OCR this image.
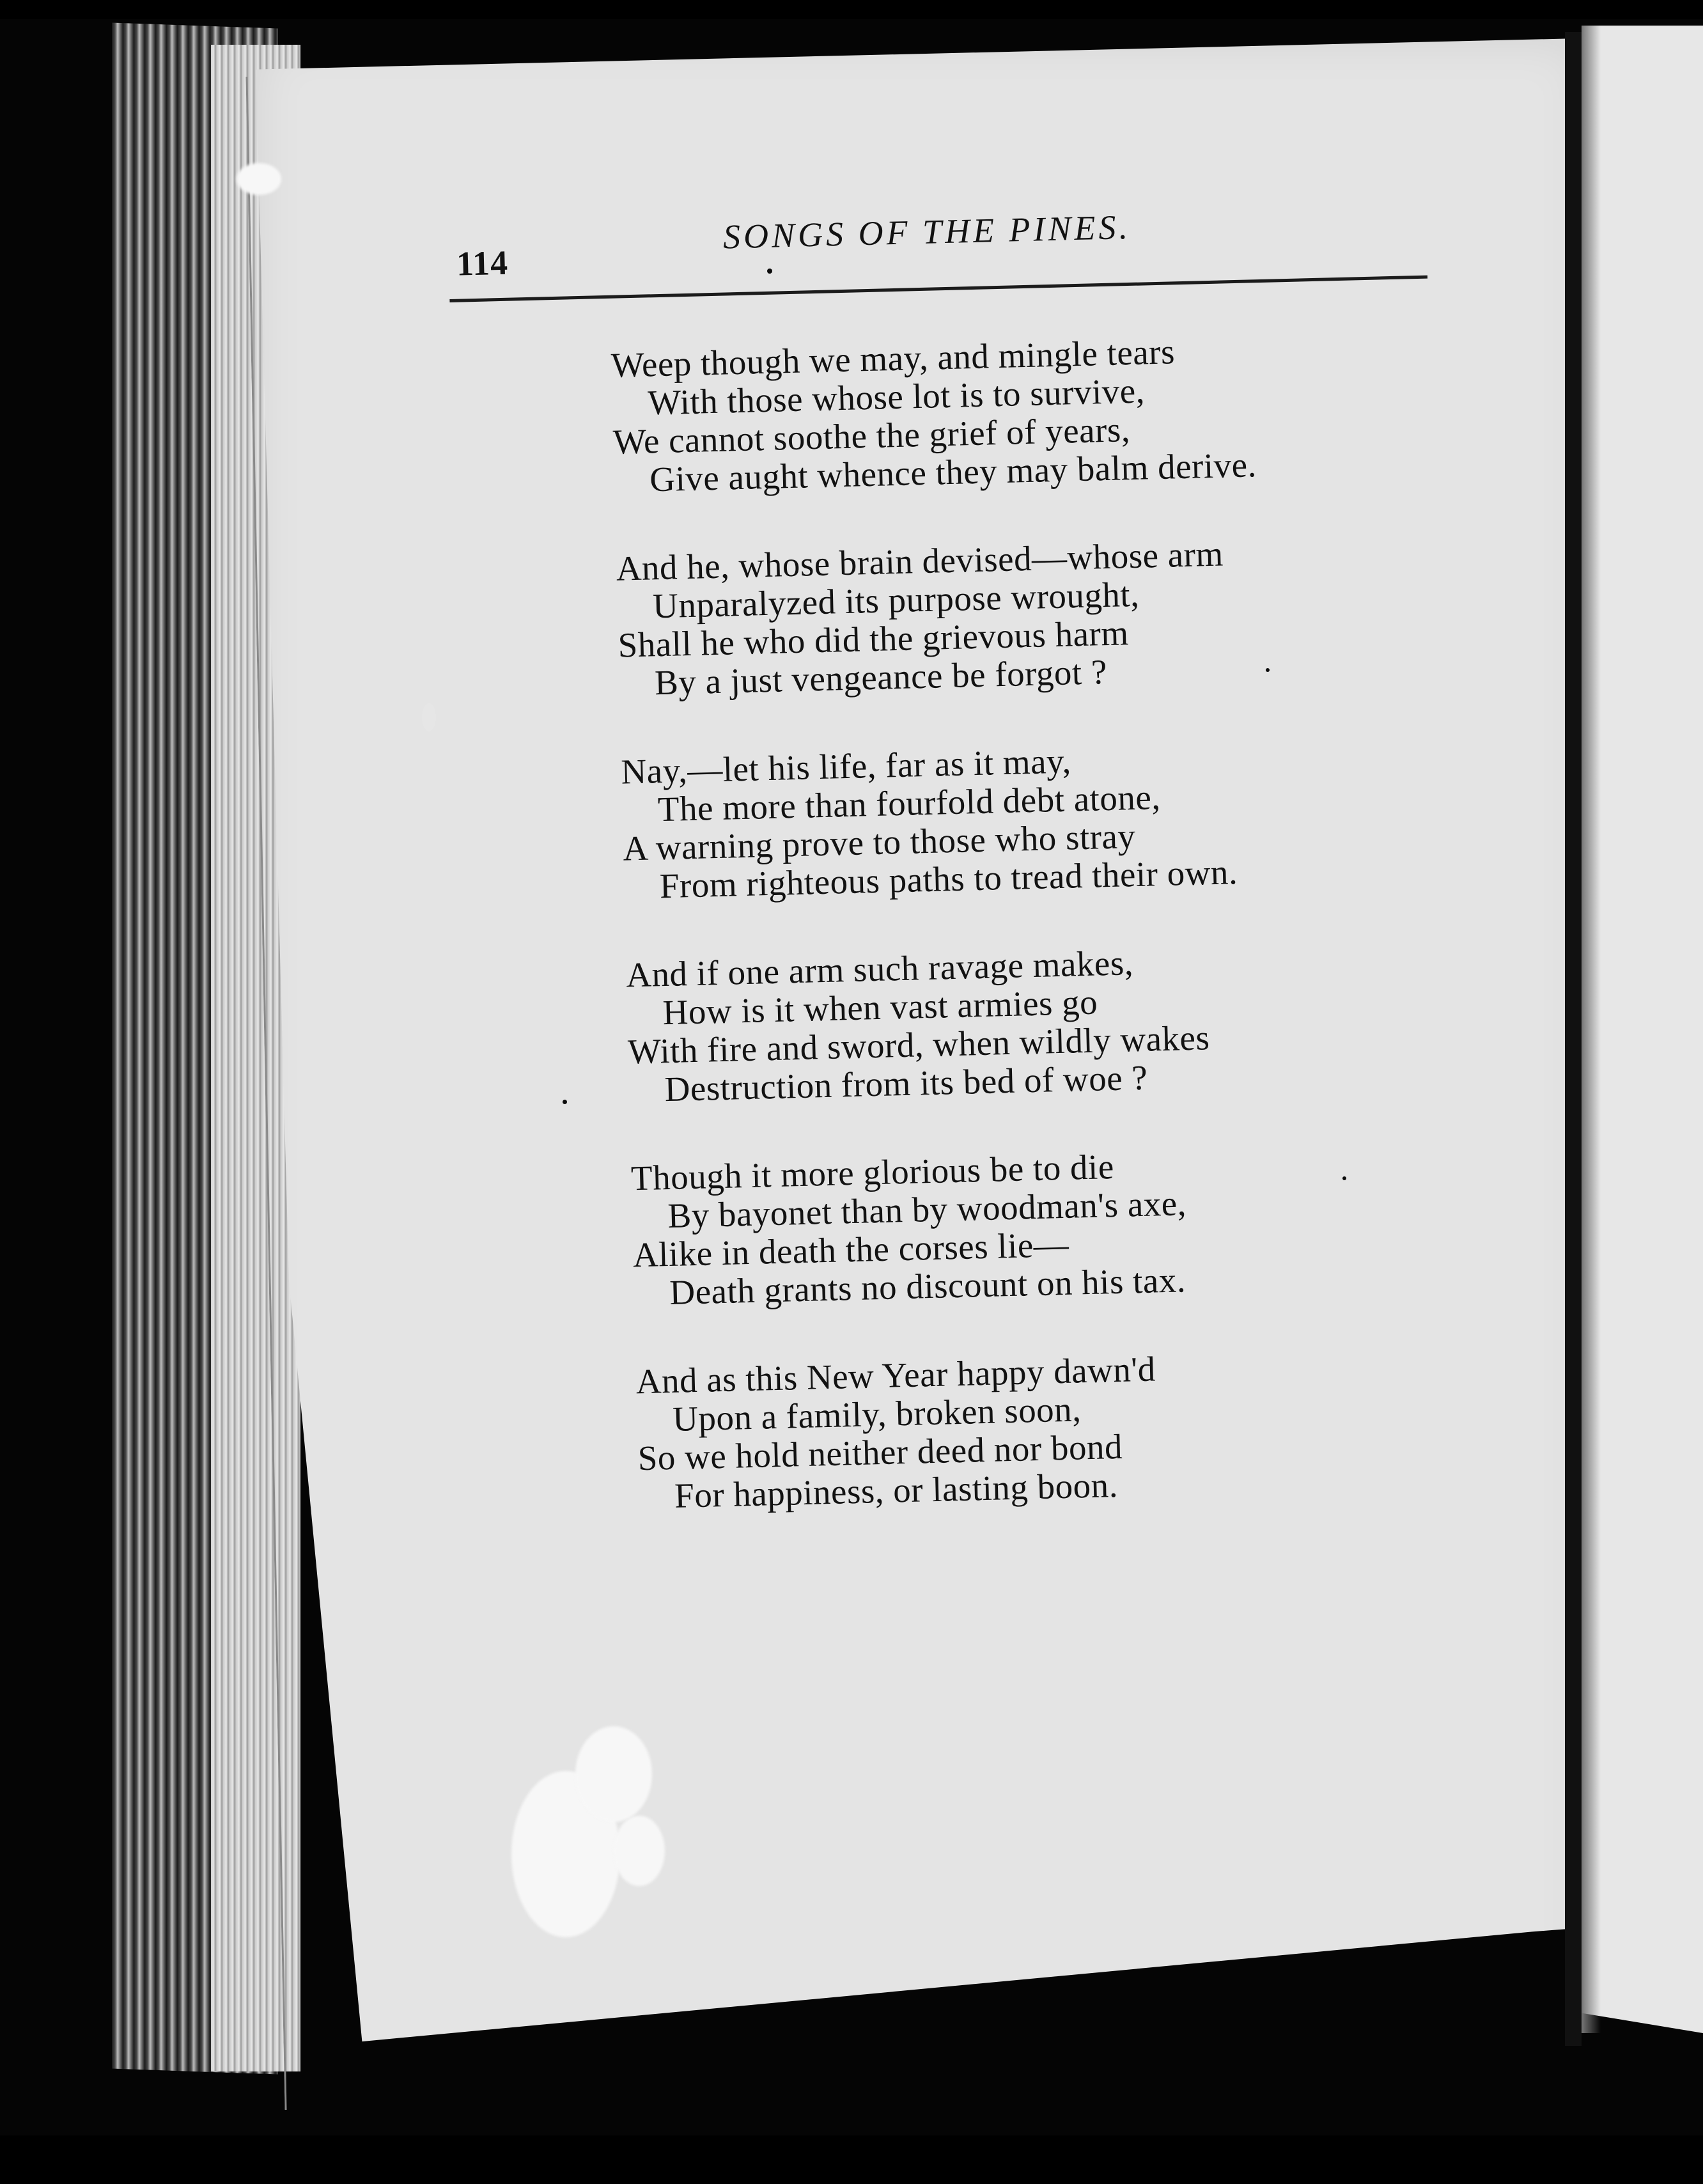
114
SONGS OF THE PINES.
Weep though we may, and mingle tears
With those whose lot is to survive,
We cannot soothe the grief of years,
Give aught whence they may balm derive.
And he, whose brain devised—whose arm
Unparalyzed its purpose wrought,
Shall he who did the grievous harm
By a just vengeance be forgot ?
Nay,—let his life, far as it may,
The more than fourfold debt atone,
A warning prove to those who stray
From righteous paths to tread their own.
And if one arm such ravage makes,
How is it when vast armies go
With fire and sword, when wildly wakes
Destruction from its bed of woe ?
Though it more glorious be to die
By bayonet than by woodman's axe,
Alike in death the corses lie—
Death grants no discount on his tax.
And as this New Year happy dawn'd
Upon a family, broken soon,
So we hold neither deed nor bond
For happiness, or lasting boon.
